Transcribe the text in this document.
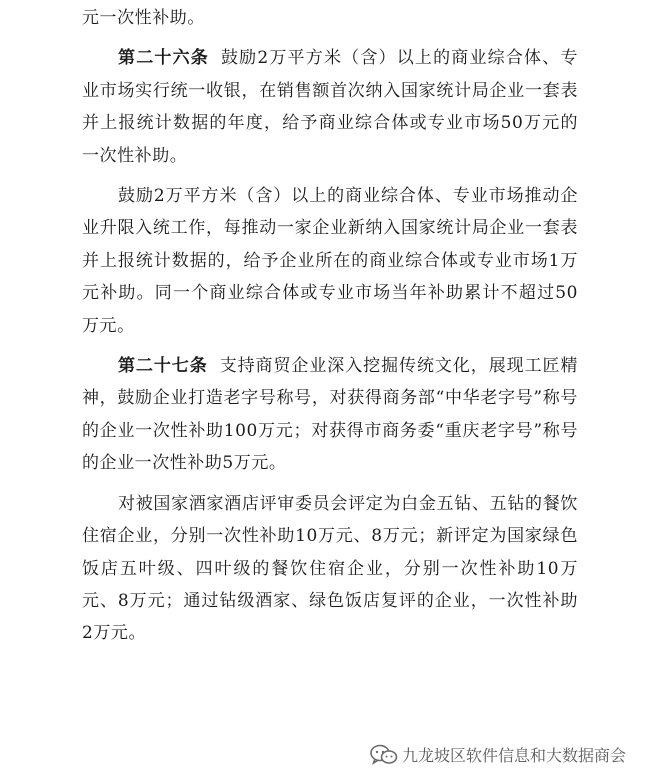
元一次性补助。

第二十六条 鼓励2万平方米（含）以上的商业综合体、专业市场实行统一收银，在销售额首次纳入国家统计局企业一套表并上报统计数据的年度，给予商业综合体或专业市场50万元的一次性补助。

鼓励2万平方米（含）以上的商业综合体、专业市场推动企业升限入统工作，每推动一家企业新纳入国家统计局企业一套表并上报统计数据的，给予企业所在的商业综合体或专业市场1万元补助。同一个商业综合体或专业市场当年补助累计不超过50万元。

第二十七条 支持商贸企业深入挖掘传统文化，展现工匠精神，鼓励企业打造老字号称号，对获得商务部“中华老字号”称号的企业一次性补助100万元；对获得市商务委“重庆老字号”称号的企业一次性补助5万元。

对被国家酒家酒店评审委员会评定为白金五钻、五钻的餐饮住宿企业，分别一次性补助10万元、8万元；新评定为国家绿色饭店五叶级、四叶级的餐饮住宿企业，分别一次性补助10万元、8万元；通过钻级酒家、绿色饭店复评的企业，一次性补助2万元。

九龙坡区软件信息和大数据商会
